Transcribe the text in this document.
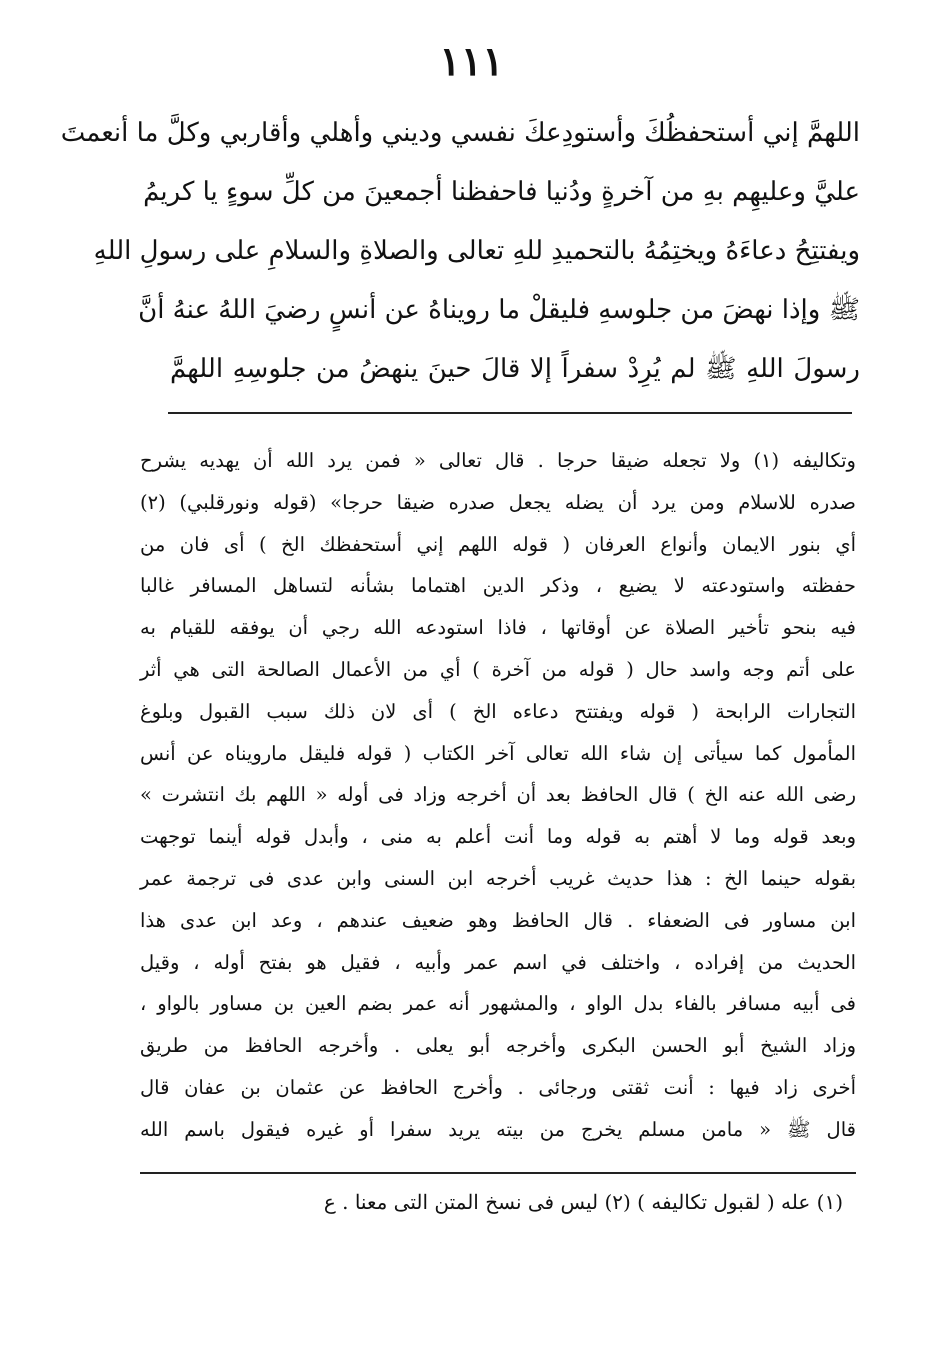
١١١
اللهمَّ إني أستحفظُكَ وأستودِعكَ نفسي وديني وأهلي وأقاربي وكلَّ ما أنعمتَ
عليَّ وعليهِم بهِ من آخرةٍ ودُنيا فاحفظنا أجمعينَ من كلِّ سوءٍ يا كريمُ
ويفتتِحُ دعاءَهُ ويختِمُهُ بالتحميدِ للهِ تعالى والصلاةِ والسلامِ على رسولِ اللهِ
ﷺ وإذا نهضَ من جلوسهِ فليقلْ ما رويناهُ عن أنسٍ رضيَ اللهُ عنهُ أنَّ
رسولَ اللهِ ﷺ لم يُرِدْ سفراً إلا قالَ حينَ ينهضُ من جلوسِهِ اللهمَّ
وتكاليفه (١) ولا تجعله ضيقا حرجا . قال تعالى « فمن يرد الله أن يهديه يشرح
صدره للاسلام ومن يرد أن يضله يجعل صدره ضيقا حرجا» (قوله ونورقلبي) (٢)
أي بنور الايمان وأنواع العرفان ( قوله اللهم إني أستحفظك الخ ) أى فان من
حفظته واستودعته لا يضيع ، وذكر الدين اهتماما بشأنه لتساهل المسافر غالبا
فيه بنحو تأخير الصلاة عن أوقاتها ، فاذا استودعه الله رجي أن يوفقه للقيام به
على أتم وجه واسد حال ( قوله من آخرة ) أي من الأعمال الصالحة التى هي أثر
التجارات الرابحة ( قوله ويفتتح دعاءه الخ ) أى لان ذلك سبب القبول وبلوغ
المأمول كما سيأتى إن شاء الله تعالى آخر الكتاب ( قوله فليقل مارويناه عن أنس
رضى الله عنه الخ ) قال الحافظ بعد أن أخرجه وزاد فى أوله « اللهم بك انتشرت »
وبعد قوله وما لا أهتم به قوله وما أنت أعلم به منى ، وأبدل قوله أينما توجهت
بقوله حينما الخ : هذا حديث غريب أخرجه ابن السنى وابن عدى فى ترجمة عمر
ابن مساور فى الضعفاء . قال الحافظ وهو ضعيف عندهم ، وعد ابن عدى هذا
الحديث من إفراده ، واختلف في اسم عمر وأبيه ، فقيل هو بفتح أوله ، وقيل
فى أبيه مسافر بالفاء بدل الواو ، والمشهور أنه عمر بضم العين بن مساور بالواو ،
وزاد الشيخ أبو الحسن البكرى وأخرجه أبو يعلى . وأخرجه الحافظ من طريق
أخرى زاد فيها : أنت ثقتى ورجائى . وأخرج الحافظ عن عثمان بن عفان قال
قال ﷺ « مامن مسلم يخرج من بيته يريد سفرا أو غيره فيقول باسم الله
(١) عله ( لقبول تكاليفه ) (٢) ليس فى نسخ المتن التى معنا . ع
